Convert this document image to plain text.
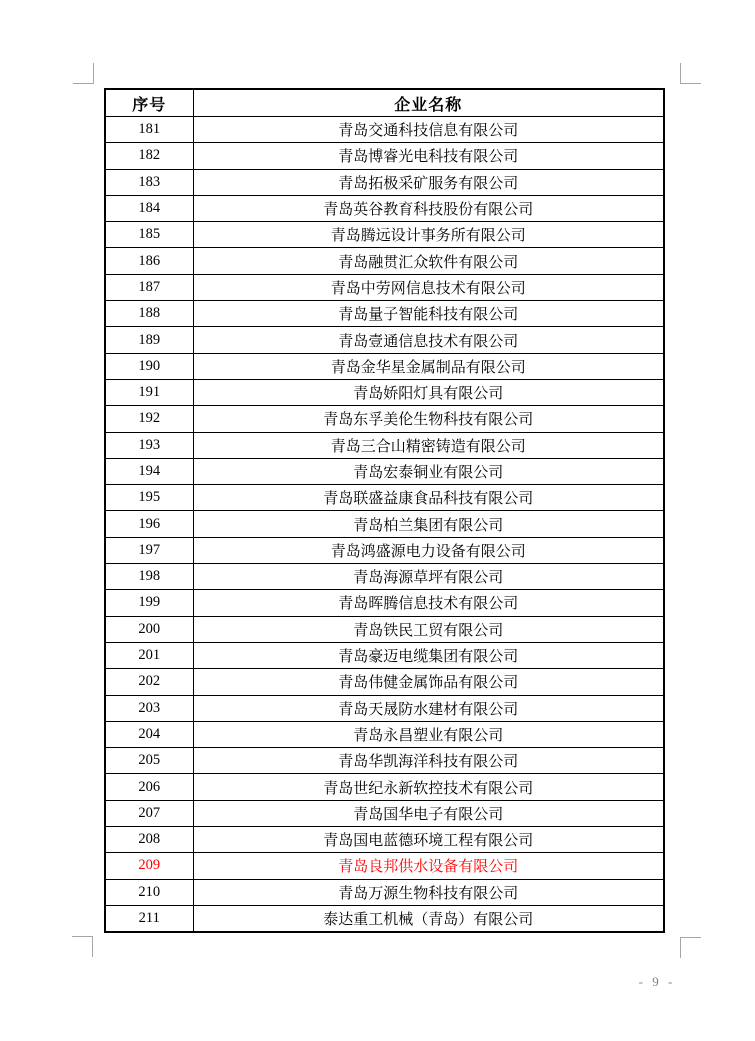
序号	企业名称
181	青岛交通科技信息有限公司
182	青岛博睿光电科技有限公司
183	青岛拓极采矿服务有限公司
184	青岛英谷教育科技股份有限公司
185	青岛腾远设计事务所有限公司
186	青岛融贯汇众软件有限公司
187	青岛中劳网信息技术有限公司
188	青岛量子智能科技有限公司
189	青岛壹通信息技术有限公司
190	青岛金华星金属制品有限公司
191	青岛娇阳灯具有限公司
192	青岛东孚美伦生物科技有限公司
193	青岛三合山精密铸造有限公司
194	青岛宏泰铜业有限公司
195	青岛联盛益康食品科技有限公司
196	青岛柏兰集团有限公司
197	青岛鸿盛源电力设备有限公司
198	青岛海源草坪有限公司
199	青岛晖腾信息技术有限公司
200	青岛铁民工贸有限公司
201	青岛豪迈电缆集团有限公司
202	青岛伟健金属饰品有限公司
203	青岛天晟防水建材有限公司
204	青岛永昌塑业有限公司
205	青岛华凯海洋科技有限公司
206	青岛世纪永新软控技术有限公司
207	青岛国华电子有限公司
208	青岛国电蓝德环境工程有限公司
209	青岛良邦供水设备有限公司
210	青岛万源生物科技有限公司
211	泰达重工机械（青岛）有限公司
- 9 -
